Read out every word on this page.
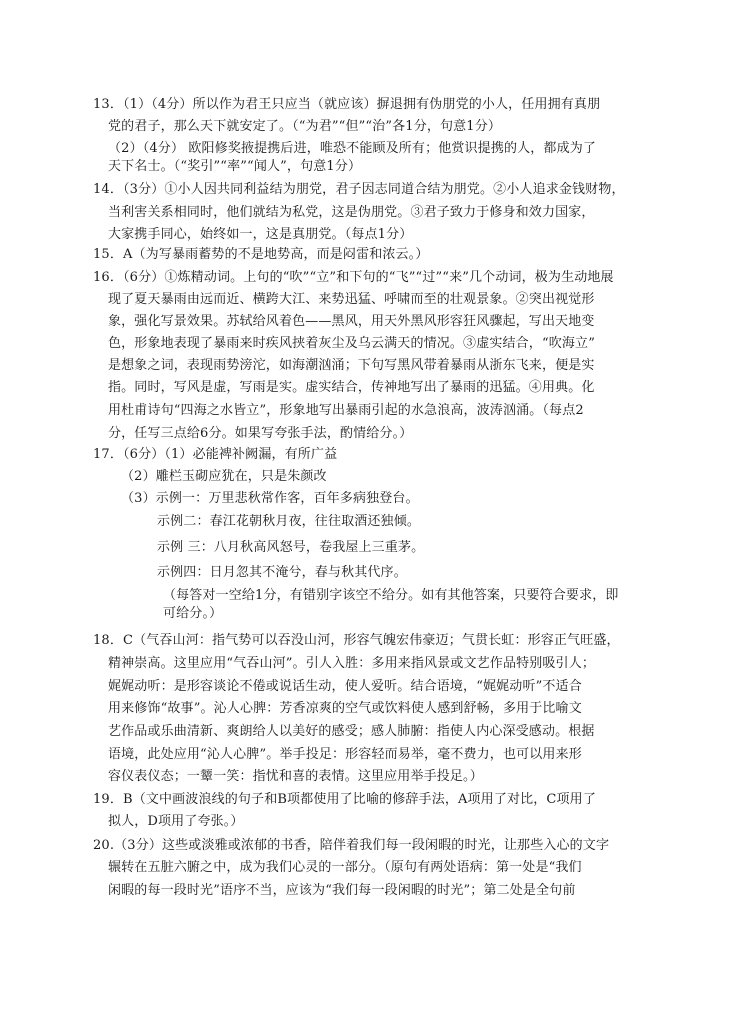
13．（1）（4分）所以作为君王只应当（就应该）摒退拥有伪朋党的小人，任用拥有真朋
党的君子，那么天下就安定了。（“为君”“但”“治”各1分，句意1分）
（2）（4分） 欧阳修奖掖提携后进，唯恐不能顾及所有；他赏识提携的人，都成为了
天下名士。（“奖引”“率”“闻人”，句意1分）
14．（3分）①小人因共同利益结为朋党，君子因志同道合结为朋党。②小人追求金钱财物，
当利害关系相同时，他们就结为私党，这是伪朋党。③君子致力于修身和效力国家，
大家携手同心，始终如一，这是真朋党。（每点1分）
15．A（为写暴雨蓄势的不是地势高，而是闷雷和浓云。）
16．（6分）①炼精动词。上句的“吹”“立”和下句的“飞”“过”“来”几个动词，极为生动地展
现了夏天暴雨由远而近、横跨大江、来势迅猛、呼啸而至的壮观景象。②突出视觉形
象，强化写景效果。苏轼给风着色——黑风，用天外黑风形容狂风骤起，写出天地变
色，形象地表现了暴雨来时疾风挟着灰尘及乌云满天的情况。③虚实结合，“吹海立”
是想象之词，表现雨势滂沱，如海潮汹涌；下句写黑风带着暴雨从浙东飞来，便是实
指。同时，写风是虚，写雨是实。虚实结合，传神地写出了暴雨的迅猛。④用典。化
用杜甫诗句“四海之水皆立”，形象地写出暴雨引起的水急浪高，波涛汹涌。（每点2
分，任写三点给6分。如果写夸张手法，酌情给分。）
17．（6分）（1）必能裨补阙漏，有所广益
（2）雕栏玉砌应犹在，只是朱颜改
（3）示例一：万里悲秋常作客，百年多病独登台。
示例二：春江花朝秋月夜，往往取酒还独倾。
示例 三：八月秋高风怒号，卷我屋上三重茅。
示例四：日月忽其不淹兮，春与秋其代序。
（每答对一空给1分，有错别字该空不给分。如有其他答案，只要符合要求，即
可给分。）
18．C（气吞山河：指气势可以吞没山河，形容气魄宏伟豪迈；气贯长虹：形容正气旺盛，
精神崇高。这里应用“气吞山河”。引人入胜：多用来指风景或文艺作品特别吸引人；
娓娓动听：是形容谈论不倦或说话生动，使人爱听。结合语境，“娓娓动听”不适合
用来修饰“故事”。沁人心脾：芳香凉爽的空气或饮料使人感到舒畅，多用于比喻文
艺作品或乐曲清新、爽朗给人以美好的感受；感人肺腑：指使人内心深受感动。根据
语境，此处应用“沁人心脾”。举手投足：形容轻而易举，毫不费力，也可以用来形
容仪表仪态；一颦一笑：指忧和喜的表情。这里应用举手投足。）
19．B（文中画波浪线的句子和B项都使用了比喻的修辞手法，A项用了对比，C项用了
拟人，D项用了夸张。）
20.（3分）这些或淡雅或浓郁的书香，陪伴着我们每一段闲暇的时光，让那些入心的文字
辗转在五脏六腑之中，成为我们心灵的一部分。（原句有两处语病：第一处是“我们
闲暇的每一段时光”语序不当，应该为“我们每一段闲暇的时光”；第二处是全句前
